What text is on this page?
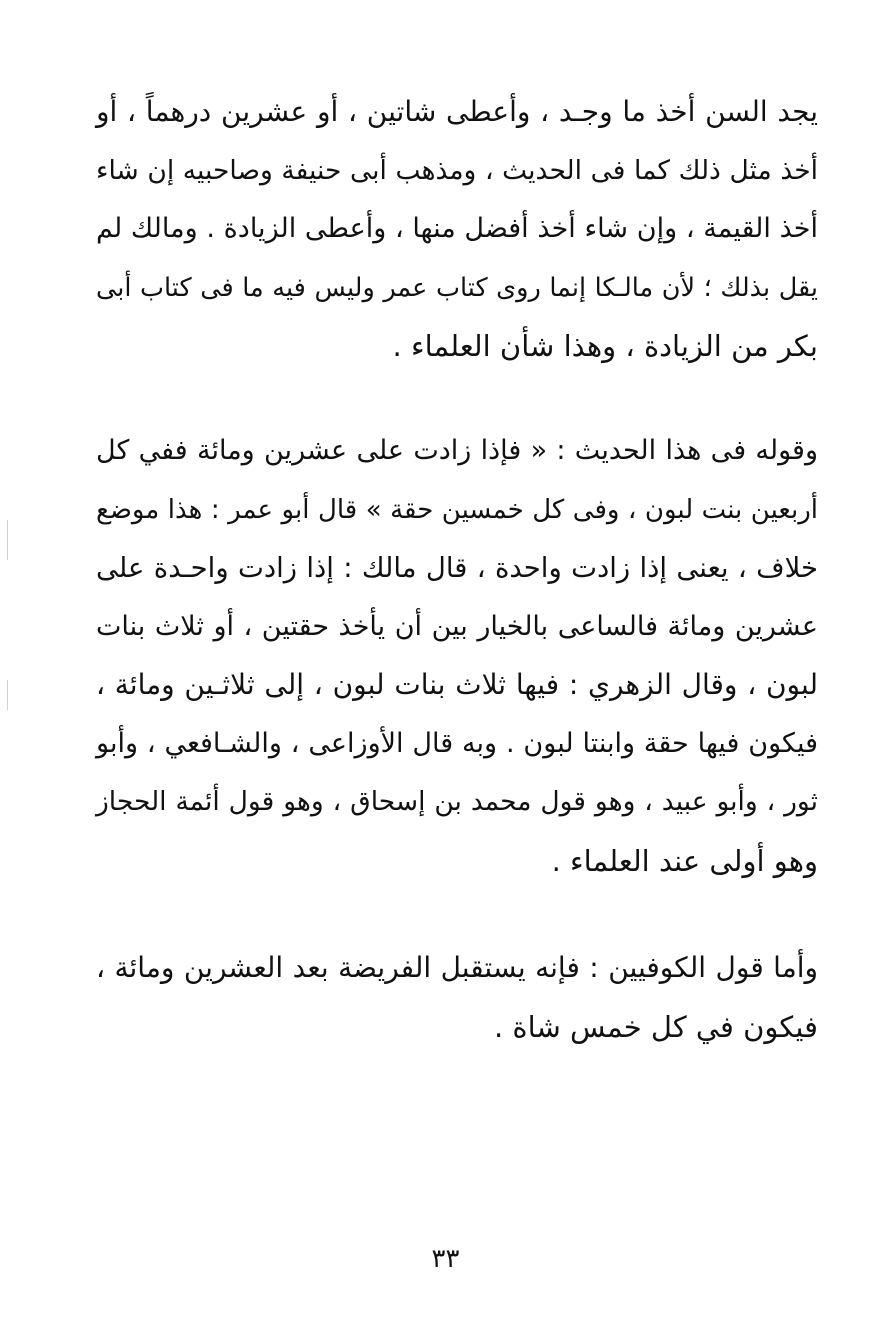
يجد السن أخذ ما وجـد ، وأعطى شاتين ، أو عشرين درهماً ، أو
أخذ مثل ذلك كما فى الحديث ، ومذهب أبى حنيفة وصاحبيه إن شاء
أخذ القيمة ، وإن شاء أخذ أفضل منها ، وأعطى الزيادة . ومالك لم
يقل بذلك ؛ لأن مالـكا إنما روى كتاب عمر وليس فيه ما فى كتاب أبى
بكر من الزيادة ، وهذا شأن العلماء .
وقوله فى هذا الحديث : « فإذا زادت على عشرين ومائة ففي كل
أربعين بنت لبون ، وفى كل خمسين حقة » قال أبو عمر : هذا موضع
خلاف ، يعنى إذا زادت واحدة ، قال مالك : إذا زادت واحـدة على
عشرين ومائة فالساعى بالخيار بين أن يأخذ حقتين ، أو ثلاث بنات
لبون ، وقال الزهري : فيها ثلاث بنات لبون ، إلى ثلاثـين ومائة ،
فيكون فيها حقة وابنتا لبون . وبه قال الأوزاعى ، والشـافعي ، وأبو
ثور ، وأبو عبيد ، وهو قول محمد بن إسحاق ، وهو قول أئمة الحجاز
وهو أولى عند العلماء .
وأما قول الكوفيين : فإنه يستقبل الفريضة بعد العشرين ومائة ،
فيكون في كل خمس شاة .
٣٣
